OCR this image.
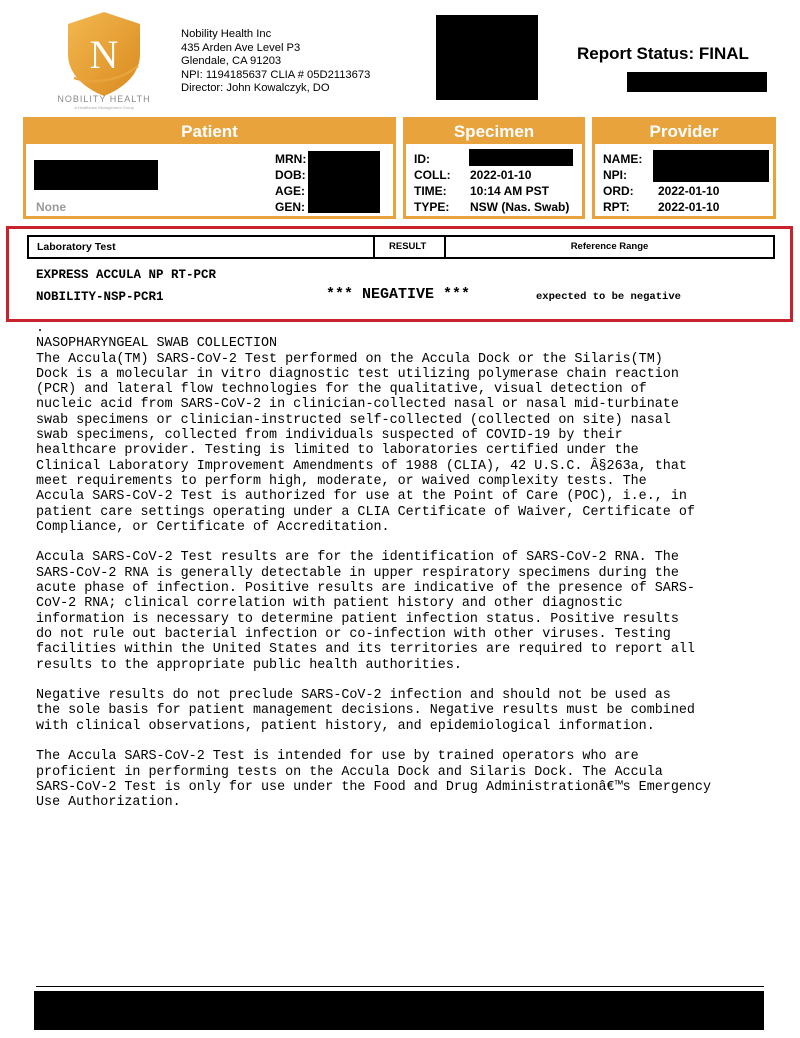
N
NOBILITY HEALTH
A Healthcare Management Group
Nobility Health Inc
435 Arden Ave Level P3
Glendale, CA 91203
NPI: 1194185637 CLIA # 05D2113673
Director: John Kowalczyk, DO
Report Status: FINAL
Patient
None
MRN:
DOB:
AGE:
GEN:
Specimen
ID:
COLL: 2022-01-10
TIME: 10:14 AM PST
TYPE: NSW (Nas. Swab)
Provider
NAME:
NPI:
ORD: 2022-01-10
RPT: 2022-01-10
Laboratory Test	RESULT	Reference Range
EXPRESS ACCULA NP RT-PCR
NOBILITY-NSP-PCR1	*** NEGATIVE ***	expected to be negative

.

NASOPHARYNGEAL SWAB COLLECTION

The Accula(TM) SARS-CoV-2 Test performed on the Accula Dock or the Silaris(TM)
Dock is a molecular in vitro diagnostic test utilizing polymerase chain reaction
(PCR) and lateral flow technologies for the qualitative, visual detection of
nucleic acid from SARS-CoV-2 in clinician-collected nasal or nasal mid-turbinate
swab specimens or clinician-instructed self-collected (collected on site) nasal
swab specimens, collected from individuals suspected of COVID-19 by their
healthcare provider. Testing is limited to laboratories certified under the
Clinical Laboratory Improvement Amendments of 1988 (CLIA), 42 U.S.C. Â§263a, that
meet requirements to perform high, moderate, or waived complexity tests. The
Accula SARS-CoV-2 Test is authorized for use at the Point of Care (POC), i.e., in
patient care settings operating under a CLIA Certificate of Waiver, Certificate of
Compliance, or Certificate of Accreditation.

Accula SARS-CoV-2 Test results are for the identification of SARS-CoV-2 RNA. The
SARS-CoV-2 RNA is generally detectable in upper respiratory specimens during the
acute phase of infection. Positive results are indicative of the presence of SARS-
CoV-2 RNA; clinical correlation with patient history and other diagnostic
information is necessary to determine patient infection status. Positive results
do not rule out bacterial infection or co-infection with other viruses. Testing
facilities within the United States and its territories are required to report all
results to the appropriate public health authorities.

Negative results do not preclude SARS-CoV-2 infection and should not be used as
the sole basis for patient management decisions. Negative results must be combined
with clinical observations, patient history, and epidemiological information.

The Accula SARS-CoV-2 Test is intended for use by trained operators who are
proficient in performing tests on the Accula Dock and Silaris Dock. The Accula
SARS-CoV-2 Test is only for use under the Food and Drug Administrationâ€™s Emergency
Use Authorization.
